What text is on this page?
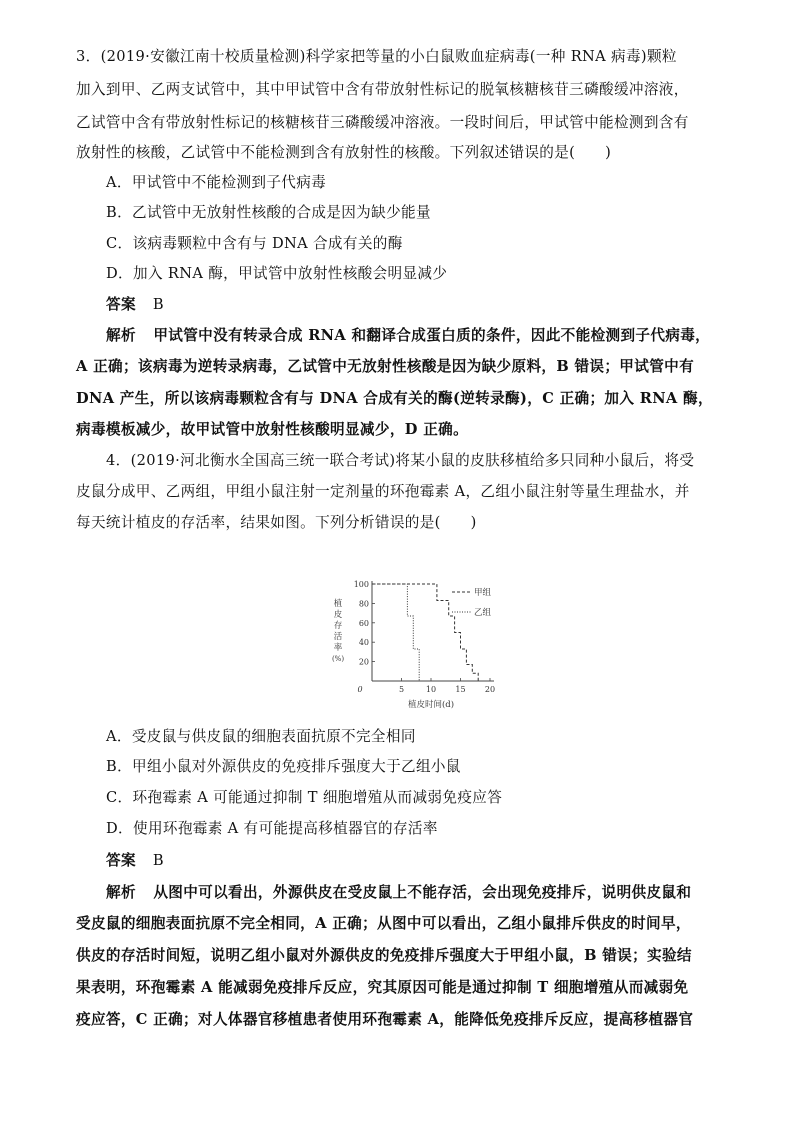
3．(2019·安徽江南十校质量检测)科学家把等量的小白鼠败血症病毒(一种 RNA 病毒)颗粒
加入到甲、乙两支试管中，其中甲试管中含有带放射性标记的脱氧核糖核苷三磷酸缓冲溶液，
乙试管中含有带放射性标记的核糖核苷三磷酸缓冲溶液。一段时间后，甲试管中能检测到含有
放射性的核酸，乙试管中不能检测到含有放射性的核酸。下列叙述错误的是(　　)
A．甲试管中不能检测到子代病毒
B．乙试管中无放射性核酸的合成是因为缺少能量
C．该病毒颗粒中含有与 DNA 合成有关的酶
D．加入 RNA 酶，甲试管中放射性核酸会明显减少
答案 B
解析 甲试管中没有转录合成 RNA 和翻译合成蛋白质的条件，因此不能检测到子代病毒，
A 正确；该病毒为逆转录病毒，乙试管中无放射性核酸是因为缺少原料，B 错误；甲试管中有
DNA 产生，所以该病毒颗粒含有与 DNA 合成有关的酶(逆转录酶)，C 正确；加入 RNA 酶，
病毒模板减少，故甲试管中放射性核酸明显减少，D 正确。
4．(2019·河北衡水全国高三统一联合考试)将某小鼠的皮肤移植给多只同种小鼠后，将受
皮鼠分成甲、乙两组，甲组小鼠注射一定剂量的环孢霉素 A，乙组小鼠注射等量生理盐水，并
每天统计植皮的存活率，结果如图。下列分析错误的是(　　)
100
80
60
40
20
0	5	10 15 20
植皮时间(d)
植
皮
存
活
率
(%)
甲组
乙组
A．受皮鼠与供皮鼠的细胞表面抗原不完全相同
B．甲组小鼠对外源供皮的免疫排斥强度大于乙组小鼠
C．环孢霉素 A 可能通过抑制 T 细胞增殖从而减弱免疫应答
D．使用环孢霉素 A 有可能提高移植器官的存活率
答案 B
解析 从图中可以看出，外源供皮在受皮鼠上不能存活，会出现免疫排斥，说明供皮鼠和
受皮鼠的细胞表面抗原不完全相同，A 正确；从图中可以看出，乙组小鼠排斥供皮的时间早，
供皮的存活时间短，说明乙组小鼠对外源供皮的免疫排斥强度大于甲组小鼠，B 错误；实验结
果表明，环孢霉素 A 能减弱免疫排斥反应，究其原因可能是通过抑制 T 细胞增殖从而减弱免
疫应答，C 正确；对人体器官移植患者使用环孢霉素 A，能降低免疫排斥反应，提高移植器官
